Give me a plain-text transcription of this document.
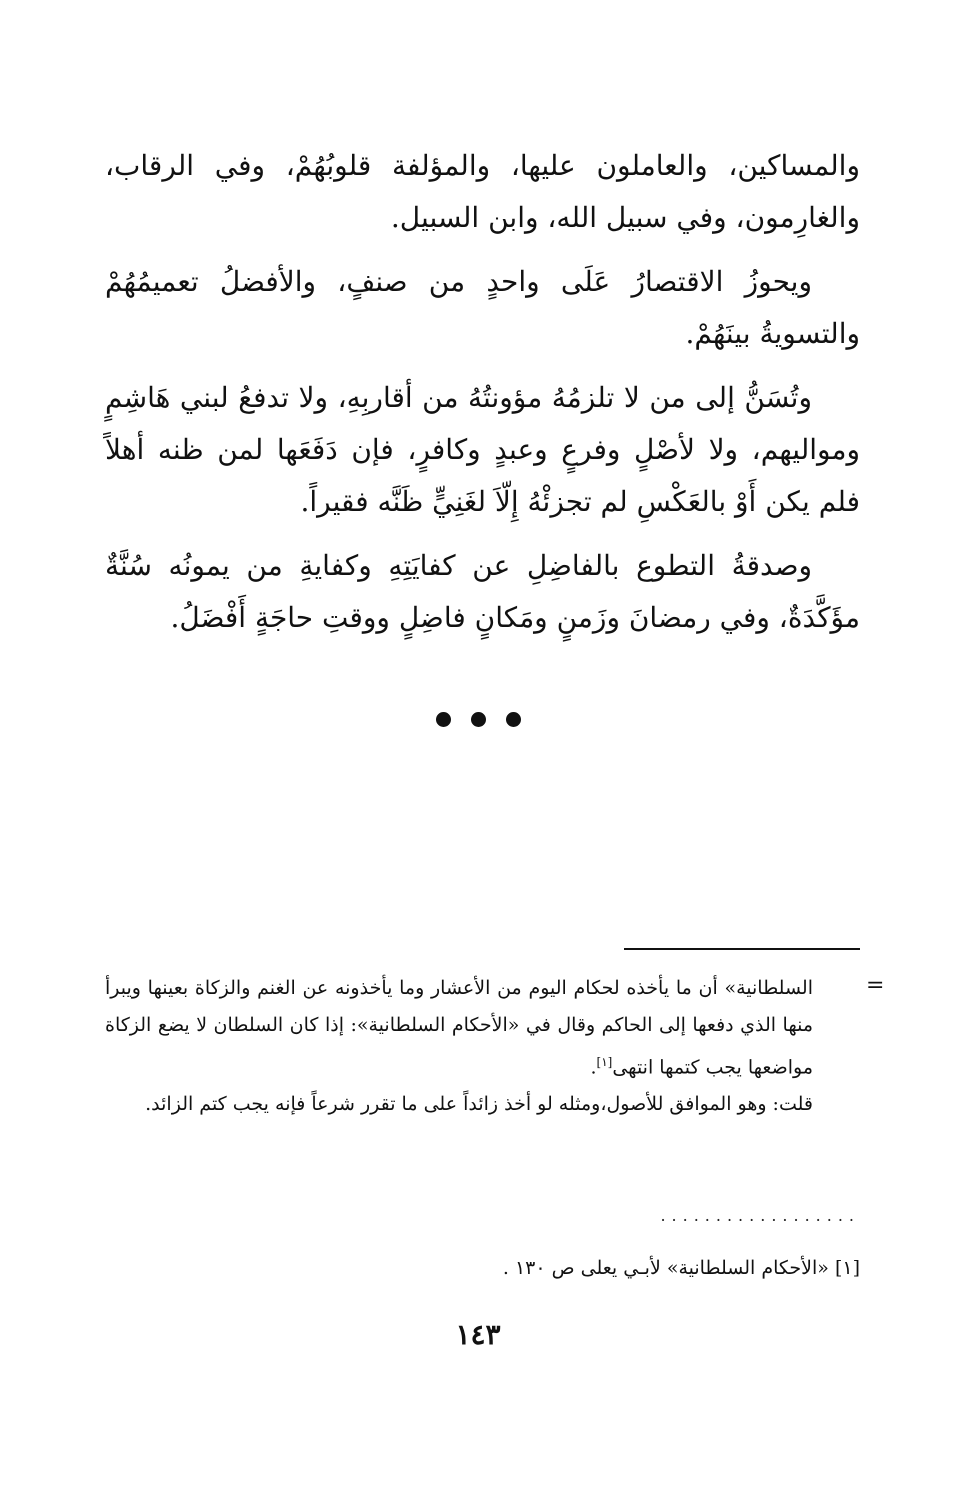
والمساكين، والعاملون عليها، والمؤلفة قلوبُهُمْ، وفي الرقاب، والغارِمون، وفي سبيل الله، وابن السبيل.

ويحوزُ الاقتصارُ عَلَى واحدٍ من صنفٍ، والأفضلُ تعميمُهُمْ والتسويةُ بينَهُمْ.

وتُسَنُّ إلى من لا تلزمُهُ مؤونتُهُ من أقاربِهِ، ولا تدفعُ لبني هَاشِمٍ ومواليهم، ولا لأصْلٍ وفرعٍ وعبدٍ وكافرٍ، فإن دَفَعَها لمن ظنه أهلاً فلم يكن أَوْ بالعَكْسِ لم تجزئْهُ إِلّاَ لغَنِيٍّ ظَنَّه فقيراً.

وصدقةُ التطوع بالفاضِلِ عن كفايَتِهِ وكفايةِ من يمونُه سُنَّةٌ مؤَكَّدَةٌ، وفي رمضانَ وزَمنٍ ومَكانٍ فاضِلٍ ووقتِ حاجَةٍ أَفْضَلُ.

=

السلطانية» أن ما يأخذه لحكام اليوم من الأعشار وما يأخذونه عن الغنم والزكاة بعينها ويبرأ منها الذي دفعها إلى الحاكم وقال في «الأحكام السلطانية»: إذا كان السلطان لا يضع الزكاة مواضعها يجب كتمها انتهى[١].

قلت: وهو الموافق للأصول،ومثله لو أخذ زائداً على ما تقرر شرعاً فإنه يجب كتم الزائد.

..................
[١] «الأحكام السلطانية» لأبـي يعلى ص ١٣٠ .
١٤٣
